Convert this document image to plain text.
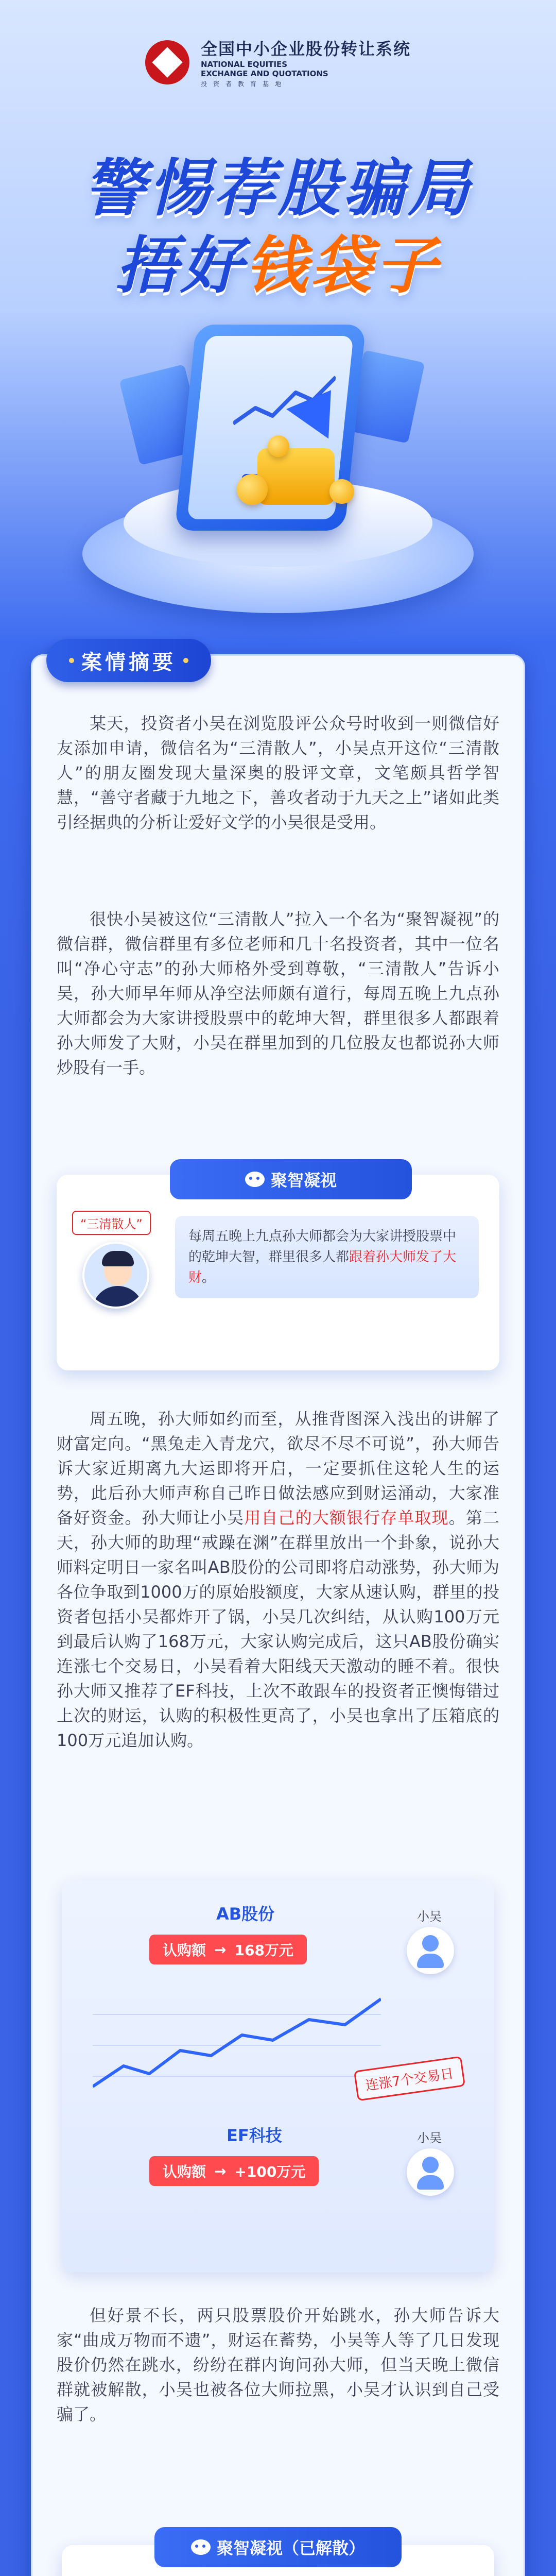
全国中小企业股份转让系统
NATIONAL EQUITIES
EXCHANGE AND QUOTATIONS
投资者教育基地
警惕荐股骗局
捂好钱袋子
案情摘要

某天，投资者小吴在浏览股评公众号时收到一则微信好友添加申请，微信名为“三清散人”，小吴点开这位“三清散人”的朋友圈发现大量深奥的股评文章，文笔颇具哲学智慧，“善守者藏于九地之下，善攻者动于九天之上”诸如此类引经据典的分析让爱好文学的小吴很是受用。

很快小吴被这位“三清散人”拉入一个名为“聚智凝视”的微信群，微信群里有多位老师和几十名投资者，其中一位名叫“净心守志”的孙大师格外受到尊敬，“三清散人”告诉小吴，孙大师早年师从净空法师颇有道行，每周五晚上九点孙大师都会为大家讲授股票中的乾坤大智，群里很多人都跟着孙大师发了大财，小吴在群里加到的几位股友也都说孙大师炒股有一手。

聚智凝视
“三清散人”
每周五晚上九点孙大师都会为大家讲授股票中的乾坤大智，群里很多人都跟着孙大师发了大财。

周五晚，孙大师如约而至，从推背图深入浅出的讲解了财富定向。“黑兔走入青龙穴，欲尽不尽不可说”，孙大师告诉大家近期离九大运即将开启，一定要抓住这轮人生的运势，此后孙大师声称自己昨日做法感应到财运涌动，大家准备好资金。孙大师让小吴用自己的大额银行存单取现。第二天，孙大师的助理“戒躁在渊”在群里放出一个卦象，说孙大师料定明日一家名叫AB股份的公司即将启动涨势，孙大师为各位争取到1000万的原始股额度，大家从速认购，群里的投资者包括小吴都炸开了锅，小吴几次纠结，从认购100万元到最后认购了168万元，大家认购完成后，这只AB股份确实连涨七个交易日，小吴看着大阳线天天激动的睡不着。很快孙大师又推荐了EF科技，上次不敢跟车的投资者正懊悔错过上次的财运，认购的积极性更高了，小吴也拿出了压箱底的100万元追加认购。

AB股份
认购额 → 168万元
小吴
连涨7个交易日
EF科技
认购额 → +100万元
小吴

但好景不长，两只股票股价开始跳水，孙大师告诉大家“曲成万物而不遗”，财运在蓄势，小吴等人等了几日发现股价仍然在跳水，纷纷在群内询问孙大师，但当天晚上微信群就被解散，小吴也被各位大师拉黑，小吴才认识到自己受骗了。

聚智凝视（已解散）
